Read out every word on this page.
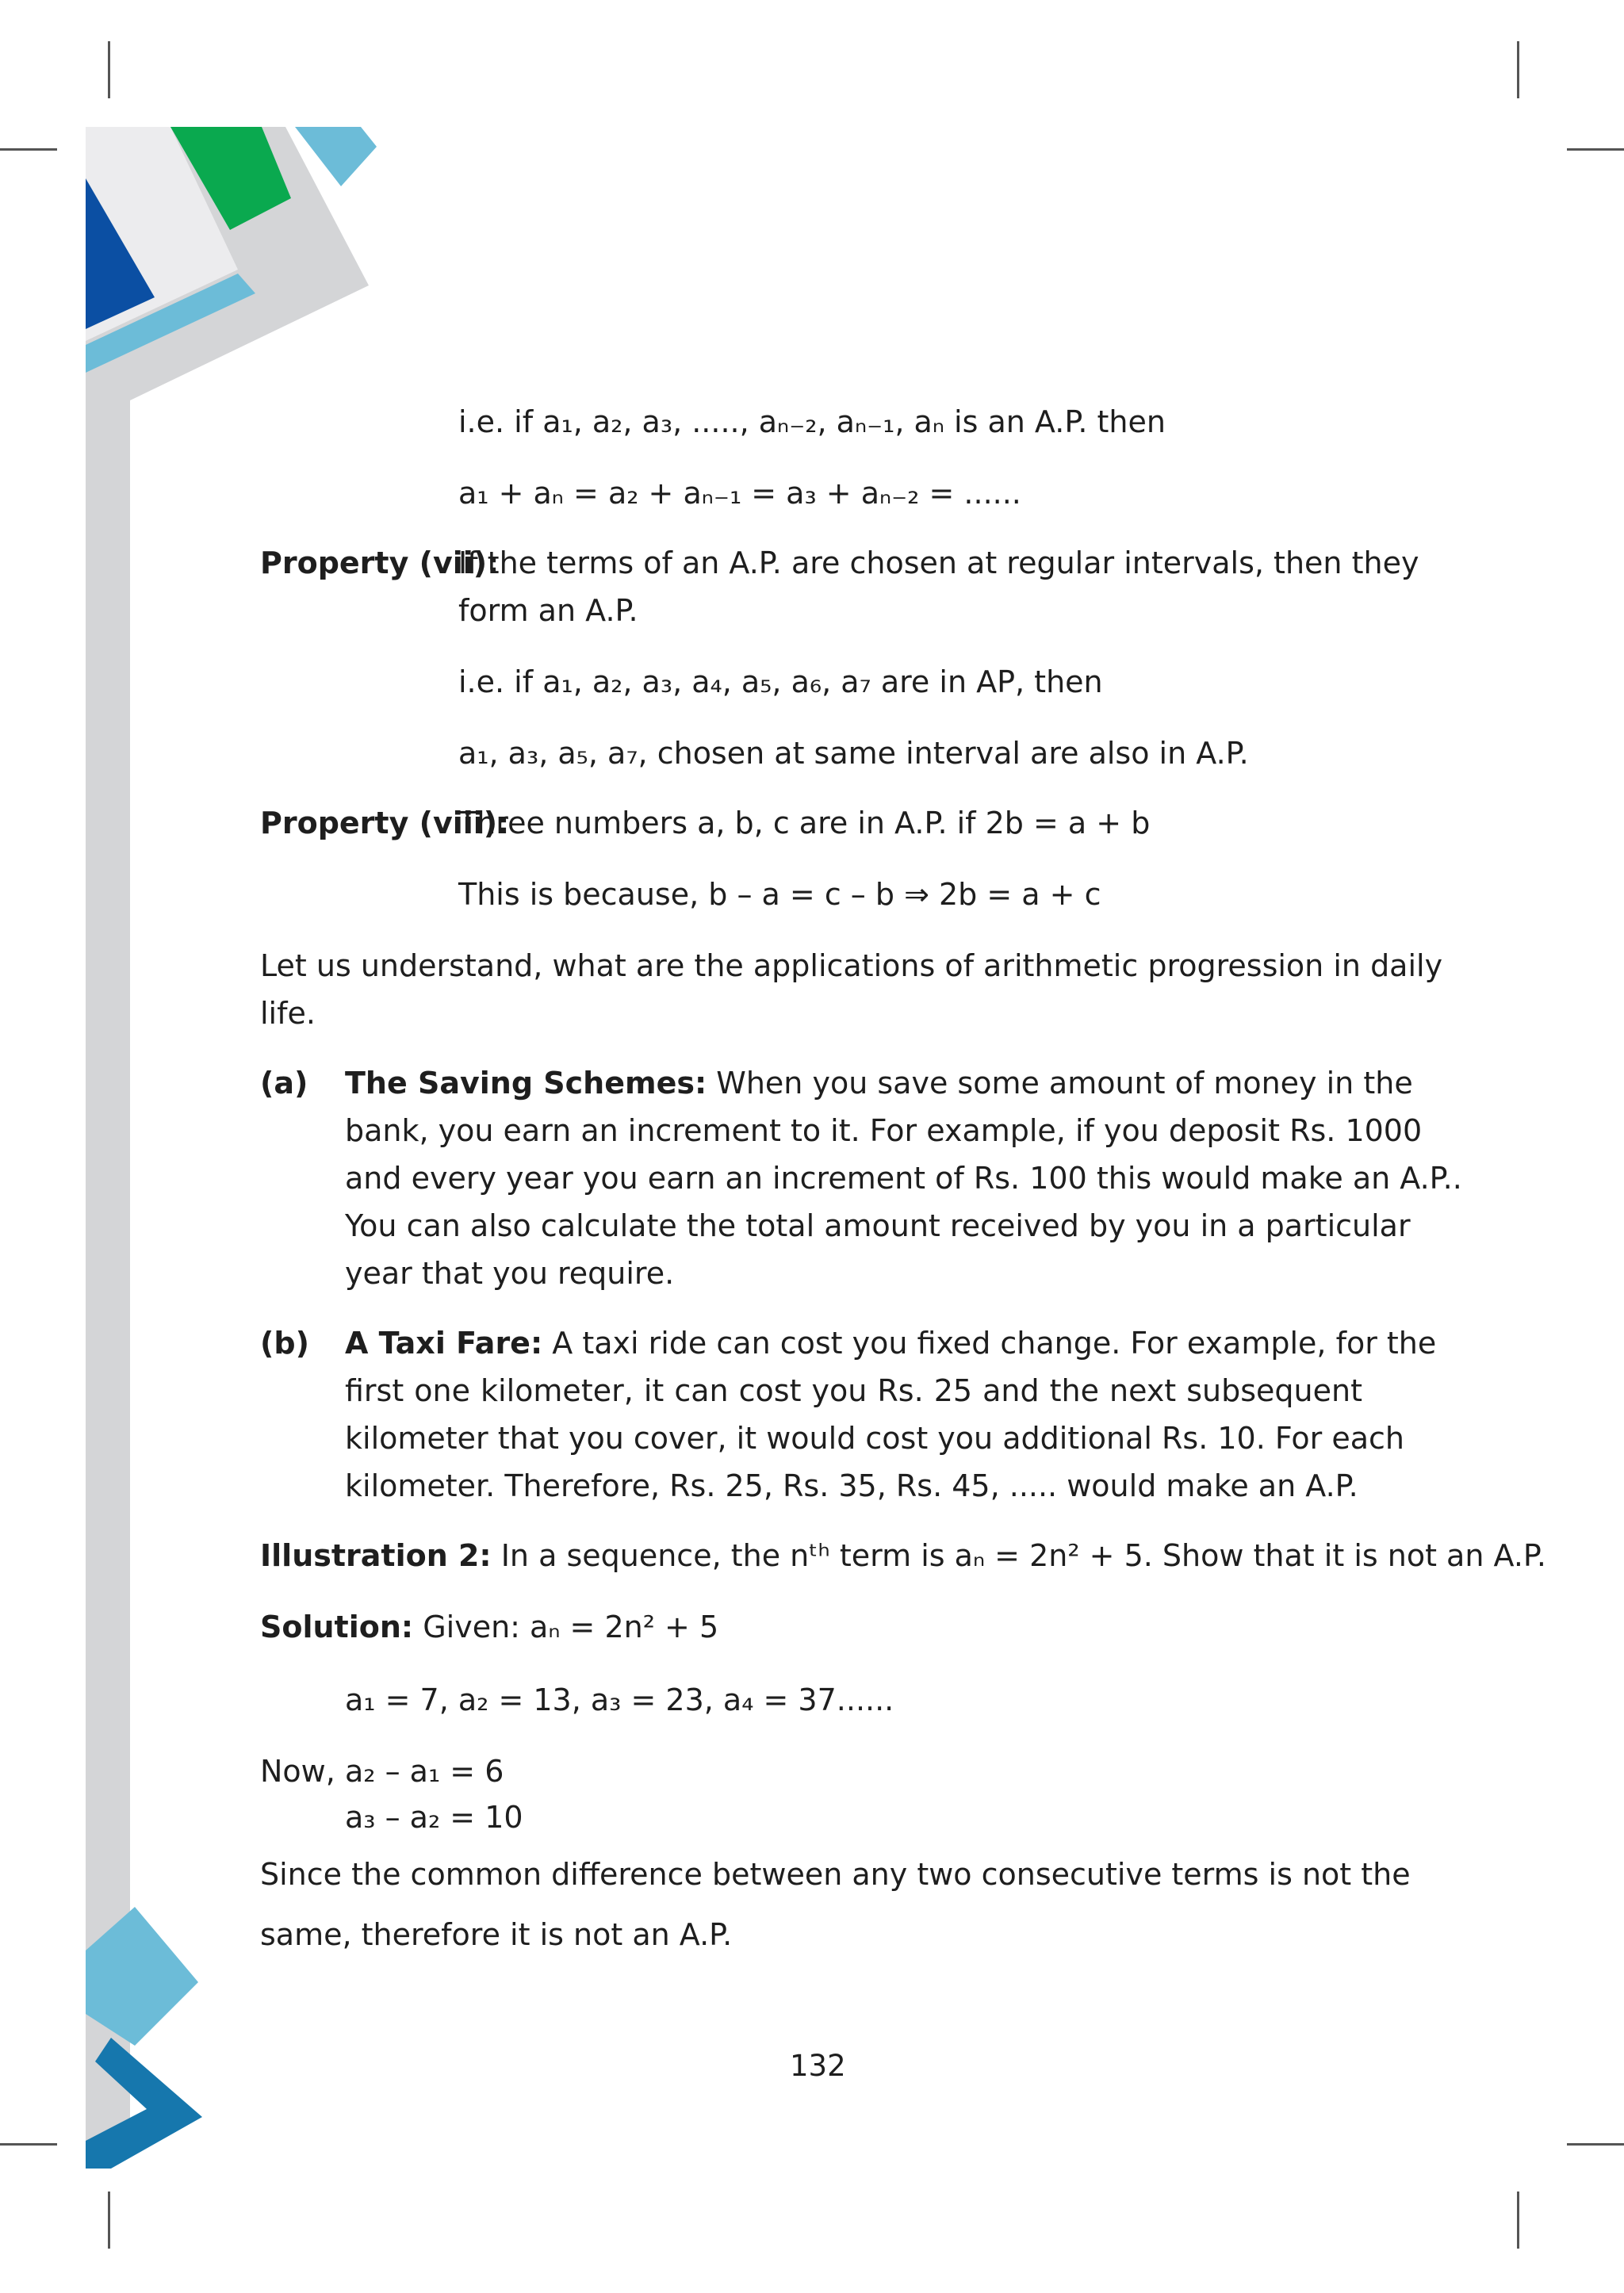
i.e. if a₁, a₂, a₃, ....., aₙ₋₂, aₙ₋₁, aₙ is an A.P. then
a₁ + aₙ = a₂ + aₙ₋₁ = a₃ + aₙ₋₂ = ......
Property (vii):
If the terms of an A.P. are chosen at regular intervals, then they
form an A.P.
i.e. if a₁, a₂, a₃, a₄, a₅, a₆, a₇ are in AP, then
a₁, a₃, a₅, a₇, chosen at same interval are also in A.P.
Property (viii):
Three numbers a, b, c are in A.P. if 2b = a + b
This is because, b – a = c – b ⇒ 2b = a + c
Let us understand, what are the applications of arithmetic progression in daily
life.
(a) The Saving Schemes: When you save some amount of money in the
bank, you earn an increment to it. For example, if you deposit Rs. 1000
and every year you earn an increment of Rs. 100 this would make an A.P..
You can also calculate the total amount received by you in a particular
year that you require.
(b) A Taxi Fare: A taxi ride can cost you fixed change. For example, for the
first one kilometer, it can cost you Rs. 25 and the next subsequent
kilometer that you cover, it would cost you additional Rs. 10. For each
kilometer. Therefore, Rs. 25, Rs. 35, Rs. 45, ..... would make an A.P.
Illustration 2: In a sequence, the nᵗʰ term is aₙ = 2n² + 5. Show that it is not an A.P.
Solution: Given: aₙ = 2n² + 5
a₁ = 7, a₂ = 13, a₃ = 23, a₄ = 37......
Now, a₂ – a₁ = 6
a₃ – a₂ = 10
Since the common difference between any two consecutive terms is not the
same, therefore it is not an A.P.
132
